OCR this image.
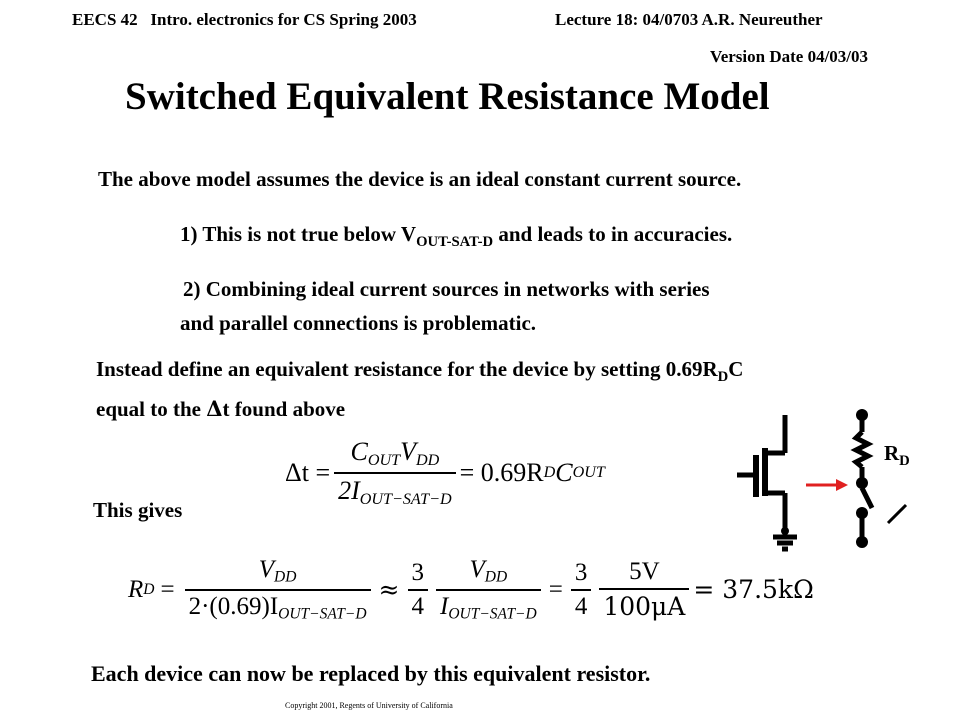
EECS 42 Intro. electronics for CS Spring 2003	Lecture 18: 04/0703 A.R. Neureuther
Version Date 04/03/03
Switched Equivalent Resistance Model
The above model assumes the device is an ideal constant current source.
1) This is not true below $V_{OUT-SAT-D}$ and leads to in accuracies.
2) Combining ideal current sources in networks with series
and parallel connections is problematic.
Instead define an equivalent resistance for the device by setting $0.69R_DC$
equal to the Δt found above
$\Delta t = \frac{C_{OUT}V_{DD}}{2I_{OUT-SAT-D}} = 0.69R$ D C OUT
This gives
R $D = \frac{V_{DD}}{2\cdot(0.69)I_{OUT-SAT-D}} \approx \frac{3}{4} \frac{V_{DD}}{I_{OUT-SAT-D}} = \frac{3}{4} \frac{5V}{100\mu A} = 37.5k\Omega$
Each device can now be replaced by this equivalent resistor.
Copyright 2001, Regents of University of California
$R_D$
